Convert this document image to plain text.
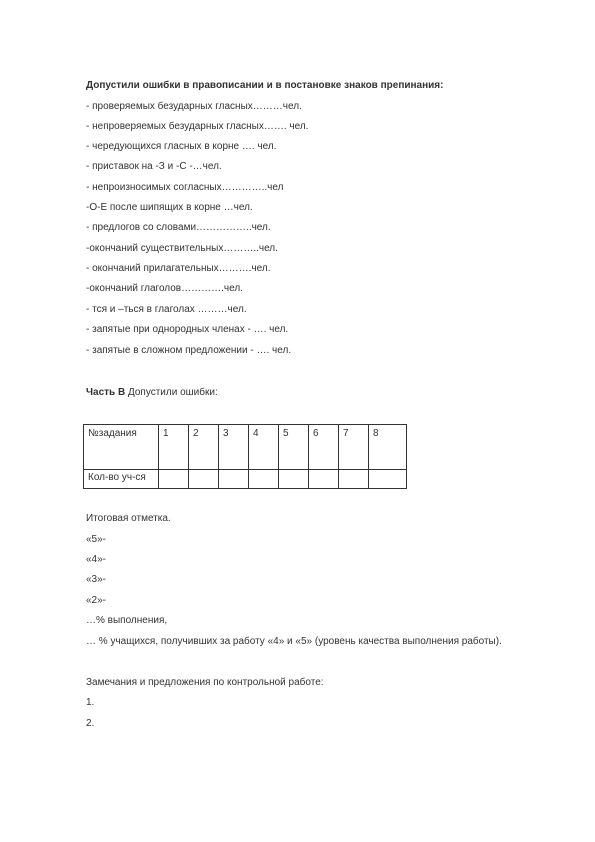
Допустили ошибки в правописании и в постановке знаков препинания:
- проверяемых безударных гласных………чел.
- непроверяемых безударных гласных……. чел.
- чередующихся гласных в корне …. чел.
- приставок на -З и -С -…чел.
- непроизносимых согласных…………..чел
-О-Е после шипящих в корне …чел.
- предлогов со словами……………..чел.
-окончаний существительных………..чел.
- окончаний прилагательных……….чел.
-окончаний глаголов………….чел.
- тся и –ться в глаголах ………чел.
- запятые при однородных членах - …. чел.
- запятые в сложном предложении - …. чел.
Часть В Допустили ошибки:
№задания	1	2	3	4	5	6	7	8
Кол-во уч-ся								
Итоговая отметка.
«5»-
«4»-
«3»-
«2»-
…% выполнения,
… % учащихся, получивших за работу «4» и «5» (уровень качества выполнения работы).
Замечания и предложения по контрольной работе:
1.
2.
